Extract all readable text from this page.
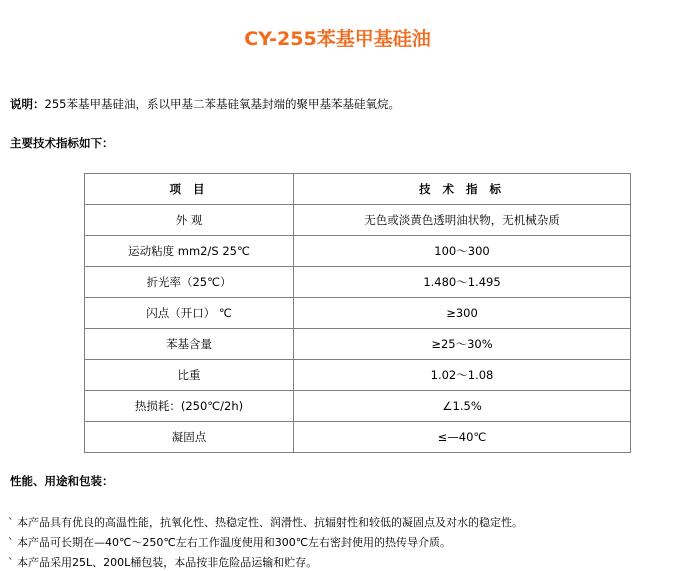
CY-255苯基甲基硅油
说明：255苯基甲基硅油，系以甲基二苯基硅氧基封端的聚甲基苯基硅氧烷。
主要技术指标如下：
项 目	技 术 指 标
外 观	无色或淡黄色透明油状物，无机械杂质
运动粘度 mm2/S 25℃	100～300
折光率（25℃）	1.480～1.495
闪点（开口） ℃	≥300
苯基含量	≥25～30%
比重	1.02～1.08
热损耗：(250℃/2h)	∠1.5%
凝固点	≤—40℃
性能、用途和包装：
` 本产品具有优良的高温性能，抗氧化性、热稳定性、润滑性、抗辐射性和较低的凝固点及对水的稳定性。
` 本产品可长期在—40℃～250℃左右工作温度使用和300℃左右密封使用的热传导介质。
` 本产品采用25L、200L桶包装，本品按非危险品运输和贮存。
